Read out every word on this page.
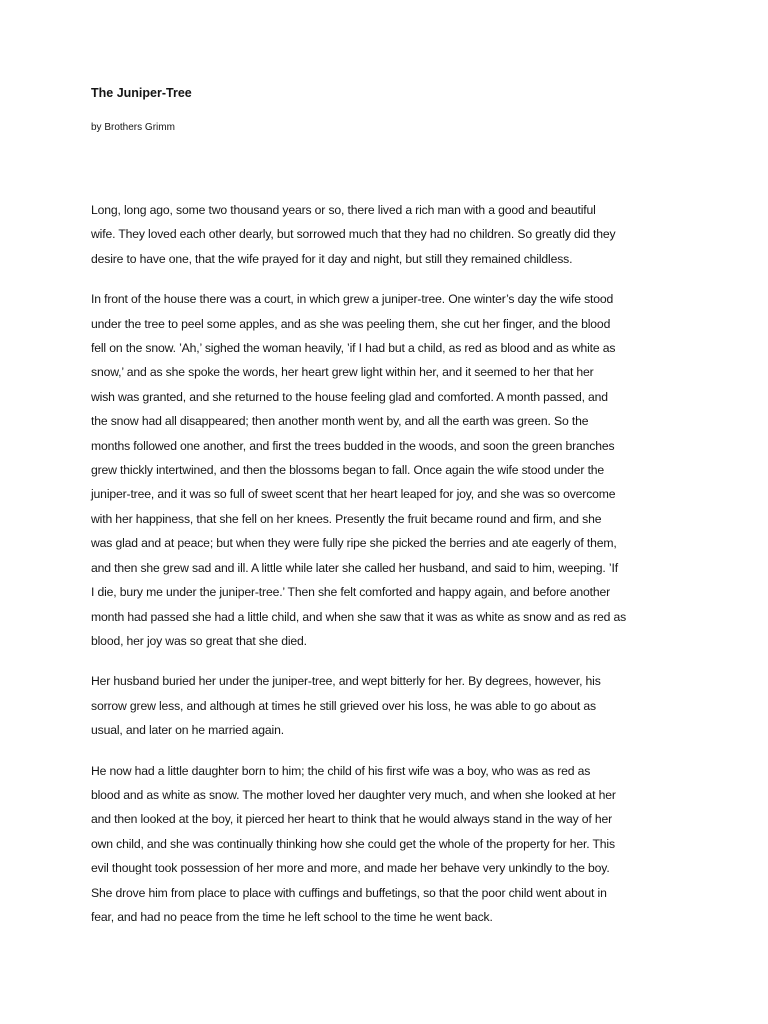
The Juniper-Tree
by Brothers Grimm

Long, long ago, some two thousand years or so, there lived a rich man with a good and beautiful
wife. They loved each other dearly, but sorrowed much that they had no children. So greatly did they
desire to have one, that the wife prayed for it day and night, but still they remained childless.

In front of the house there was a court, in which grew a juniper-tree. One winter’s day the wife stood
under the tree to peel some apples, and as she was peeling them, she cut her finger, and the blood
fell on the snow. ’Ah,’ sighed the woman heavily, ’if I had but a child, as red as blood and as white as
snow,’ and as she spoke the words, her heart grew light within her, and it seemed to her that her
wish was granted, and she returned to the house feeling glad and comforted. A month passed, and
the snow had all disappeared; then another month went by, and all the earth was green. So the
months followed one another, and first the trees budded in the woods, and soon the green branches
grew thickly intertwined, and then the blossoms began to fall. Once again the wife stood under the
juniper-tree, and it was so full of sweet scent that her heart leaped for joy, and she was so overcome
with her happiness, that she fell on her knees. Presently the fruit became round and firm, and she
was glad and at peace; but when they were fully ripe she picked the berries and ate eagerly of them,
and then she grew sad and ill. A little while later she called her husband, and said to him, weeping. ’If
I die, bury me under the juniper-tree.’ Then she felt comforted and happy again, and before another
month had passed she had a little child, and when she saw that it was as white as snow and as red as
blood, her joy was so great that she died.

Her husband buried her under the juniper-tree, and wept bitterly for her. By degrees, however, his
sorrow grew less, and although at times he still grieved over his loss, he was able to go about as
usual, and later on he married again.

He now had a little daughter born to him; the child of his first wife was a boy, who was as red as
blood and as white as snow. The mother loved her daughter very much, and when she looked at her
and then looked at the boy, it pierced her heart to think that he would always stand in the way of her
own child, and she was continually thinking how she could get the whole of the property for her. This
evil thought took possession of her more and more, and made her behave very unkindly to the boy.
She drove him from place to place with cuffings and buffetings, so that the poor child went about in
fear, and had no peace from the time he left school to the time he went back.
